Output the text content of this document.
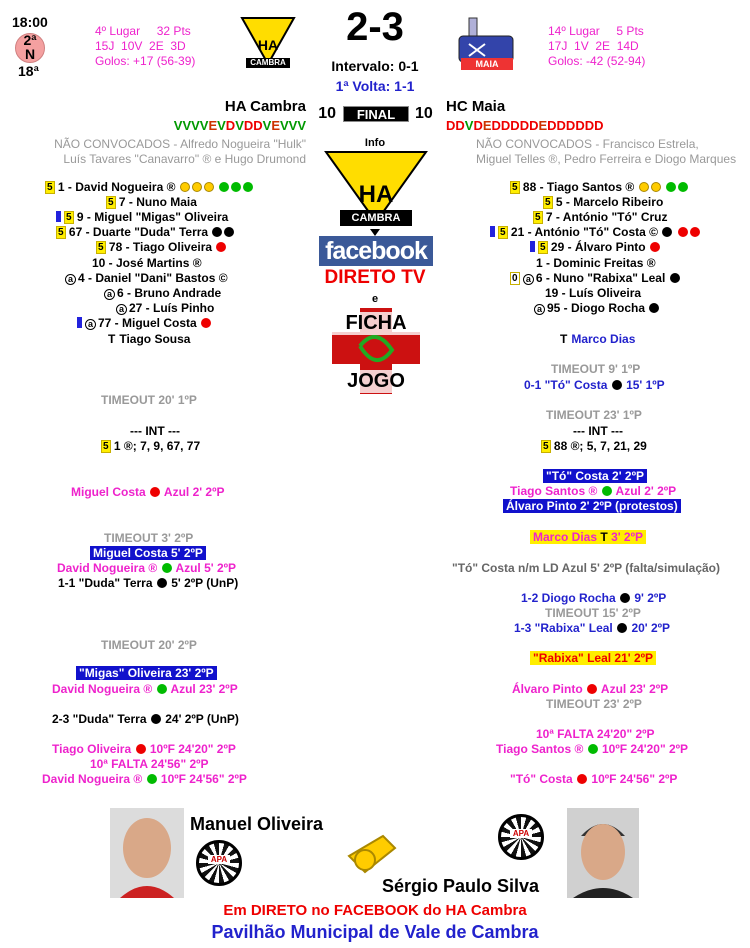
18:00
2ª N
18ª
4º Lugar     32 Pts
15J  10V  2E  3D
Golos: +17 (56-39)
HA
CAMBRA
2-3
Intervalo: 0-1
1ª Volta: 1-1
MAIA
14º Lugar     5 Pts
17J  1V  2E  14D
Golos: -42 (52-94)
HA Cambra	HC Maia
10	FINAL	10
VVVVEVDVDDVEVVV	DDVDEDDDDDEDDDDDD
NÃO CONVOCADOS - Alfredo Nogueira "Hulk"
Luís Tavares "Canavarro" ® e Hugo Drumond
NÃO CONVOCADOS - Francisco Estrela,
Miguel Telles ®, Pedro Ferreira e Diogo Marques
Info
HA
CAMBRA
facebook
DIRETO TV
e
FICHA
JOGO
5 1 - David Nogueira ®
5 7 - Nuno Maia
5 9 - Miguel "Migas" Oliveira
5 67 - Duarte "Duda" Terra
5 78 - Tiago Oliveira
10 - José Martins ®
a 4 - Daniel "Dani" Bastos ©
a 6 - Bruno Andrade
a 27 - Luís Pinho
a 77 - Miguel Costa
T Tiago Sousa
5 88 - Tiago Santos ®
5 5 - Marcelo Ribeiro
5 7 - António "Tó" Cruz
5 21 - António "Tó" Costa ©
5 29 - Álvaro Pinto
1 - Dominic Freitas ®
0 a 6 - Nuno "Rabixa" Leal
19 - Luís Oliveira
a 95 - Diogo Rocha
T Marco Dias
TIMEOUT 20' 1ºP
--- INT ---
5 1 ®; 7, 9, 67, 77
Miguel Costa Azul 2' 2ºP
TIMEOUT 3' 2ºP
Miguel Costa 5' 2ºP
David Nogueira ® Azul 5' 2ºP
1-1 "Duda" Terra 5' 2ºP (UnP)
TIMEOUT 20' 2ºP
"Migas" Oliveira 23' 2ºP
David Nogueira ® Azul 23' 2ºP
2-3 "Duda" Terra 24' 2ºP (UnP)
Tiago Oliveira 10ºF 24'20" 2ºP
10ª FALTA 24'56" 2ºP
David Nogueira ® 10ºF 24'56" 2ºP
TIMEOUT 9' 1ºP
0-1 "Tó" Costa 15' 1ºP
TIMEOUT 23' 1ºP
--- INT ---
5 88 ®; 5, 7, 21, 29
"Tó" Costa 2' 2ºP
Tiago Santos ® Azul 2' 2ºP
Álvaro Pinto 2' 2ºP (protestos)
Marco Dias T 3' 2ºP
"Tó" Costa n/m LD Azul 5' 2ºP (falta/simulação)
1-2 Diogo Rocha 9' 2ºP
TIMEOUT 15' 2ºP
1-3 "Rabixa" Leal 20' 2ºP
"Rabixa" Leal 21' 2ºP
Álvaro Pinto Azul 23' 2ºP
TIMEOUT 23' 2ºP
10ª FALTA 24'20" 2ºP
Tiago Santos ® 10ºF 24'20" 2ºP
"Tó" Costa 10ºF 24'56" 2ºP
Manuel Oliveira
APA
APA
Sérgio Paulo Silva
Em DIRETO no FACEBOOK do HA Cambra
Pavilhão Municipal de Vale de Cambra
